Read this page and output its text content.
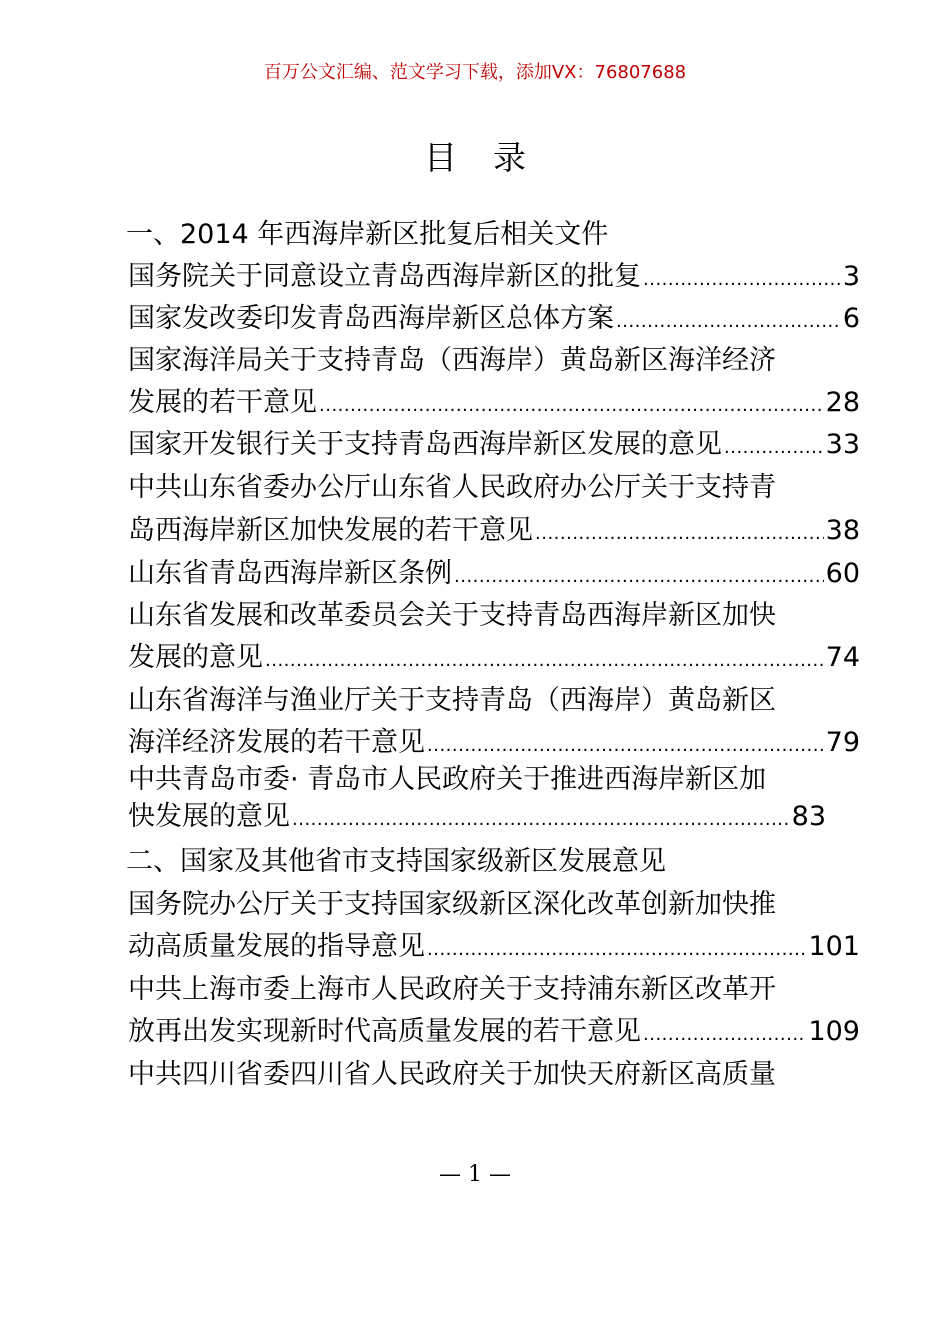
百万公文汇编、范文学习下载，添加VX：76807688
目录
一、2014 年西海岸新区批复后相关文件
国务院关于同意设立青岛西海岸新区的批复 .....	3
国家发改委印发青岛西海岸新区总体方案 .....	6
国家海洋局关于支持青岛（西海岸）黄岛新区海洋经济
发展的若干意见 .....	28
国家开发银行关于支持青岛西海岸新区发展的意见 .....	33
中共山东省委办公厅山东省人民政府办公厅关于支持青
岛西海岸新区加快发展的若干意见 .....	38
山东省青岛西海岸新区条例 .....	60
山东省发展和改革委员会关于支持青岛西海岸新区加快
发展的意见 .....	74
山东省海洋与渔业厅关于支持青岛（西海岸）黄岛新区
海洋经济发展的若干意见 .....	79
中共青岛市委· 青岛市人民政府关于推进西海岸新区加
快发展的意见 .....	83
二、国家及其他省市支持国家级新区发展意见
国务院办公厅关于支持国家级新区深化改革创新加快推
动高质量发展的指导意见 .....	101
中共上海市委上海市人民政府关于支持浦东新区改革开
放再出发实现新时代高质量发展的若干意见 .....	109
中共四川省委四川省人民政府关于加快天府新区高质量
— 1 —
